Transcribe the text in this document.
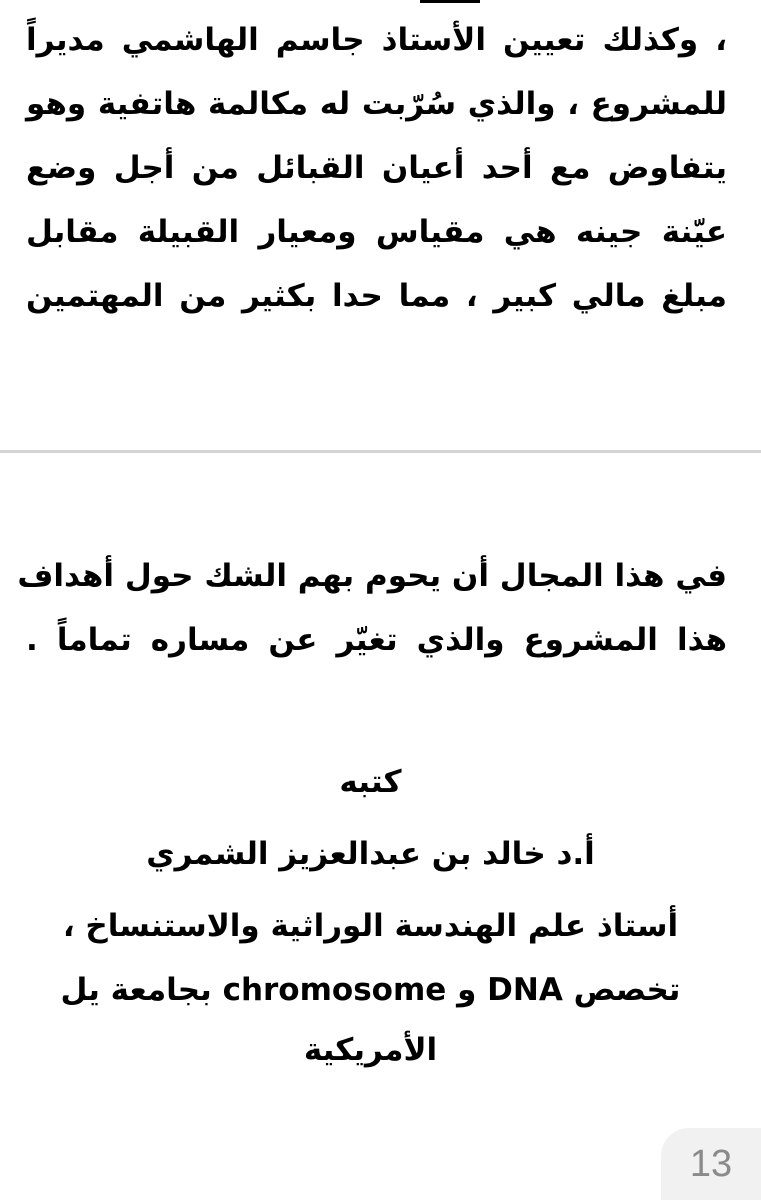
، وكذلك تعيين الأستاذ جاسم الهاشمي مديراً
للمشروع ، والذي سُرّبت له مكالمة هاتفية وهو
يتفاوض مع أحد أعيان القبائل من أجل وضع
عيّنة جينه هي مقياس ومعيار القبيلة مقابل
مبلغ مالي كبير ، مما حدا بكثير من المهتمين
في هذا المجال أن يحوم بهم الشك حول أهداف
هذا المشروع والذي تغيّر عن مساره تماماً .
كتبه
أ.د خالد بن عبدالعزيز الشمري
أستاذ علم الهندسة الوراثية والاستنساخ ،
تخصص DNA و chromosome بجامعة يل
الأمريكية
13
